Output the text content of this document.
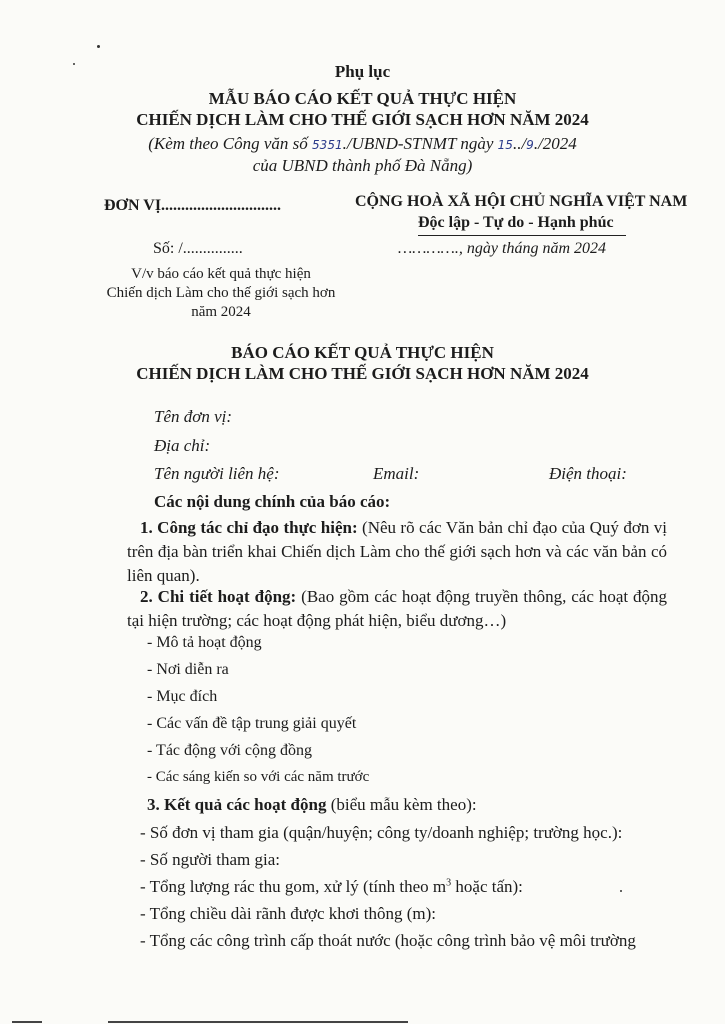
Phụ lục
MẪU BÁO CÁO KẾT QUẢ THỰC HIỆN
CHIẾN DỊCH LÀM CHO THẾ GIỚI SẠCH HƠN NĂM 2024
(Kèm theo Công văn số 5351./UBND-STNMT ngày 15../9./2024
của UBND thành phố Đà Nẵng)
ĐƠN VỊ..............................	CỘNG HOÀ XÃ HỘI CHỦ NGHĨA VIỆT NAM
Độc lập - Tự do - Hạnh phúc
Số: /...............	…………., ngày tháng năm 2024
V/v báo cáo kết quả thực hiện
Chiến dịch Làm cho thế giới sạch hơn
năm 2024
BÁO CÁO KẾT QUẢ THỰC HIỆN
CHIẾN DỊCH LÀM CHO THẾ GIỚI SẠCH HƠN NĂM 2024
Tên đơn vị:
Địa chỉ:
Tên người liên hệ:	Email:	Điện thoại:
Các nội dung chính của báo cáo:
1. Công tác chỉ đạo thực hiện: (Nêu rõ các Văn bản chỉ đạo của Quý đơn vị trên địa bàn triển khai Chiến dịch Làm cho thế giới sạch hơn và các văn bản có liên quan).
2. Chi tiết hoạt động: (Bao gồm các hoạt động truyền thông, các hoạt động tại hiện trường; các hoạt động phát hiện, biểu dương…)
- Mô tả hoạt động
- Nơi diễn ra
- Mục đích
- Các vấn đề tập trung giải quyết
- Tác động với cộng đồng
- Các sáng kiến so với các năm trước
3. Kết quả các hoạt động (biểu mẫu kèm theo):
- Số đơn vị tham gia (quận/huyện; công ty/doanh nghiệp; trường học.):
- Số người tham gia:
- Tổng lượng rác thu gom, xử lý (tính theo $m^3$ hoặc tấn):
- Tổng chiều dài rãnh được khơi thông (m):
- Tổng các công trình cấp thoát nước (hoặc công trình bảo vệ môi trường
